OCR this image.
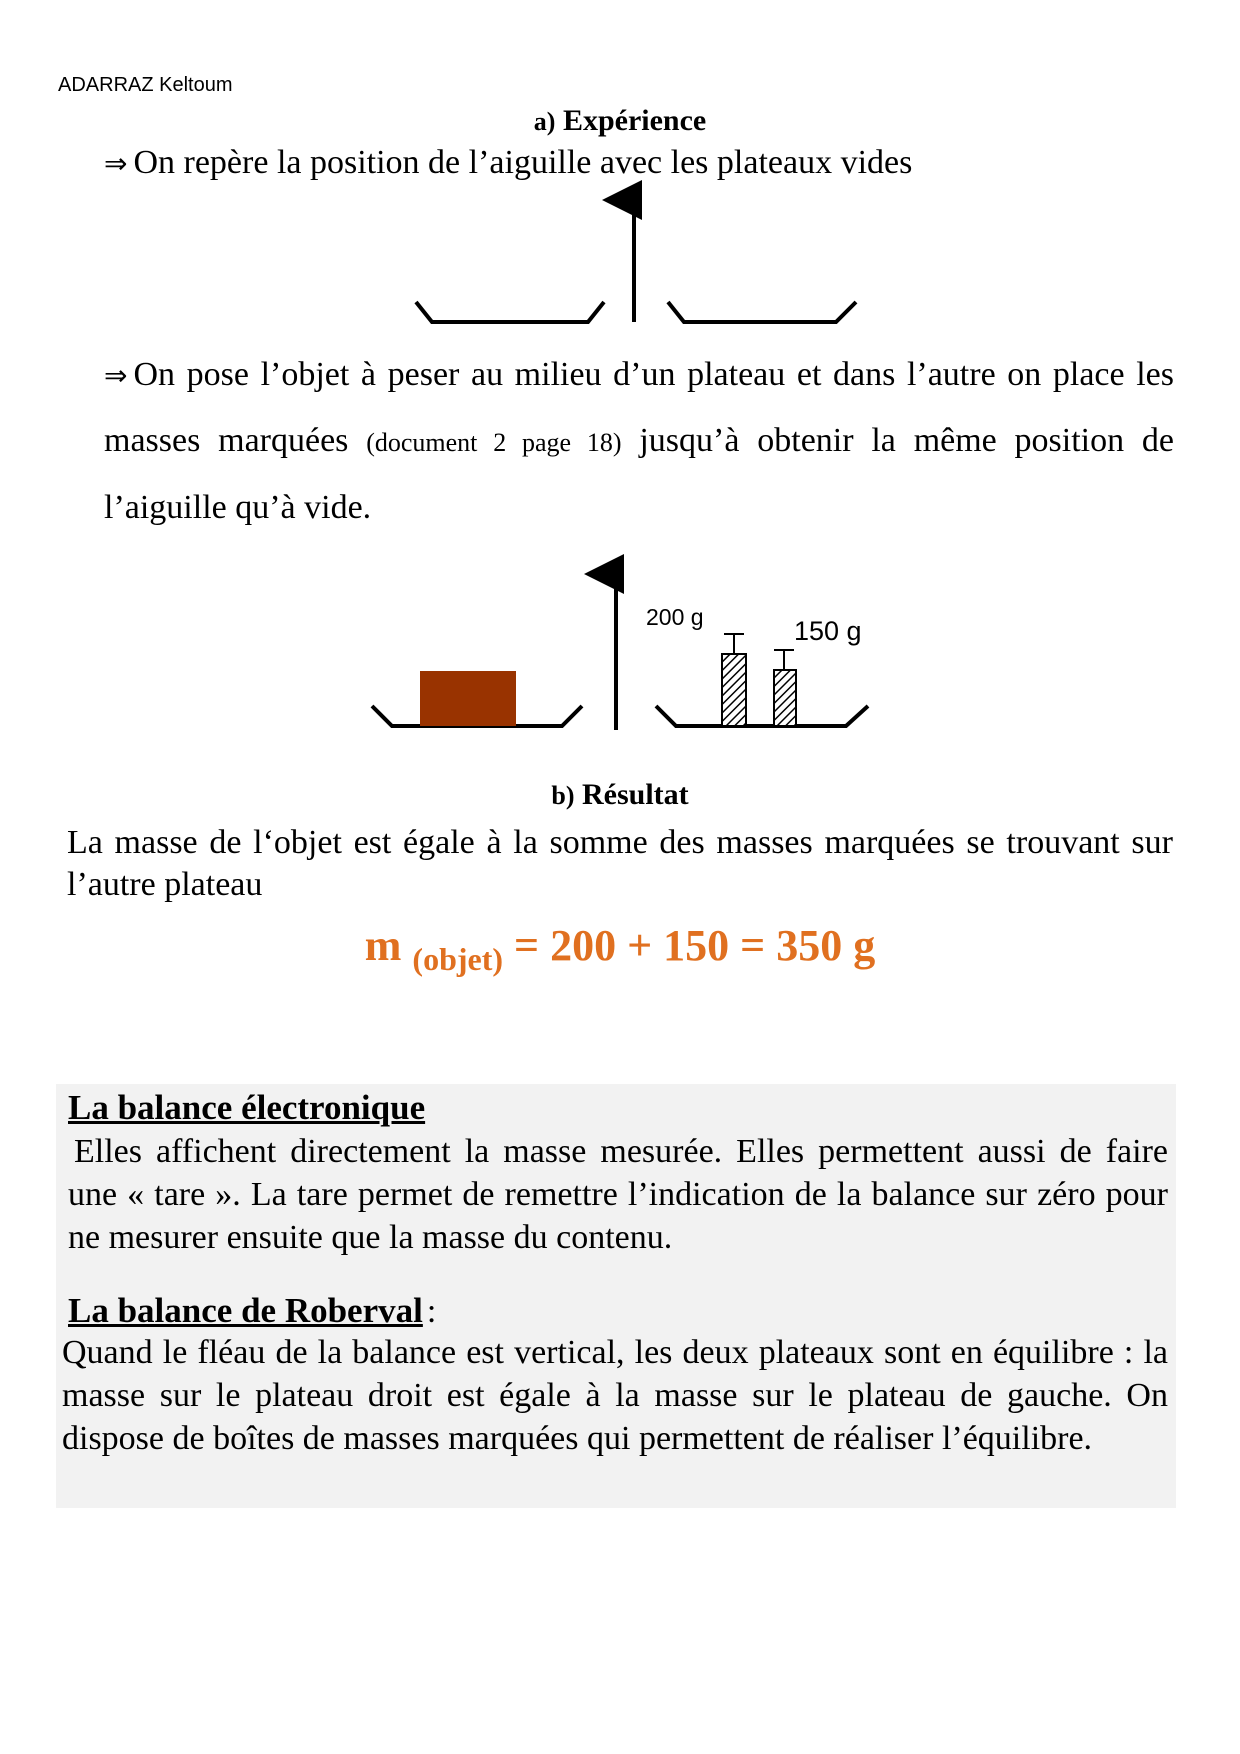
ADARRAZ Keltoum
a) Expérience
⇒ On repère la position de l’aiguille avec les plateaux vides
200 g	150 g
⇒ On pose l’objet à peser au milieu d’un plateau et dans l’autre on place les masses marquées (document 2 page 18) jusqu’à obtenir la même position de l’aiguille qu’à vide.
b) Résultat
La masse de l‘objet est égale à la somme des masses marquées se trouvant sur l’autre plateau
m $_{(objet)}$ = 200 + 150 = 350 g
La balance électronique
Elles affichent directement la masse mesurée. Elles permettent aussi de faire une « tare ». La tare permet de remettre l’indication de la balance sur zéro pour ne mesurer ensuite que la masse du contenu.
La balance de Roberval :
Quand le fléau de la balance est vertical, les deux plateaux sont en équilibre : la masse sur le plateau droit est égale à la masse sur le plateau de gauche. On dispose de boîtes de masses marquées qui permettent de réaliser l’équilibre.
